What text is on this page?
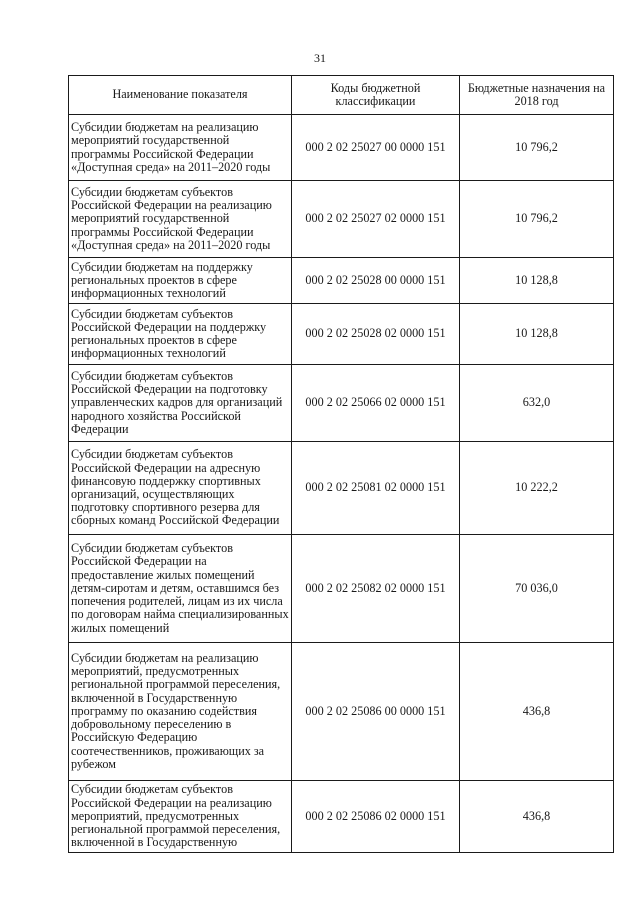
31
Наименование показателя	Коды бюджетной классификации	Бюджетные назначения на 2018 год
Субсидии бюджетам на реализацию мероприятий государственной программы Российской Федерации «Доступная среда» на 2011–2020 годы	000 2 02 25027 00 0000 151	10 796,2
Субсидии бюджетам субъектов Российской Федерации на реализацию мероприятий государственной программы Российской Федерации «Доступная среда» на 2011–2020 годы	000 2 02 25027 02 0000 151	10 796,2
Субсидии бюджетам на поддержку региональных проектов в сфере информационных технологий	000 2 02 25028 00 0000 151	10 128,8
Субсидии бюджетам субъектов Российской Федерации на поддержку региональных проектов в сфере информационных технологий	000 2 02 25028 02 0000 151	10 128,8
Субсидии бюджетам субъектов Российской Федерации на подготовку управленческих кадров для организаций народного хозяйства Российской Федерации	000 2 02 25066 02 0000 151	632,0
Субсидии бюджетам субъектов Российской Федерации на адресную финансовую поддержку спортивных организаций, осуществляющих подготовку спортивного резерва для сборных команд Российской Федерации	000 2 02 25081 02 0000 151	10 222,2
Субсидии бюджетам субъектов Российской Федерации на предоставление жилых помещений детям-сиротам и детям, оставшимся без попечения родителей, лицам из их числа по договорам найма специализированных жилых помещений	000 2 02 25082 02 0000 151	70 036,0
Субсидии бюджетам на реализацию мероприятий, предусмотренных региональной программой переселения, включенной в Государственную программу по оказанию содействия добровольному переселению в Российскую Федерацию соотечественников, проживающих за рубежом	000 2 02 25086 00 0000 151	436,8
Субсидии бюджетам субъектов Российской Федерации на реализацию мероприятий, предусмотренных региональной программой переселения, включенной в Государственную	000 2 02 25086 02 0000 151	436,8
